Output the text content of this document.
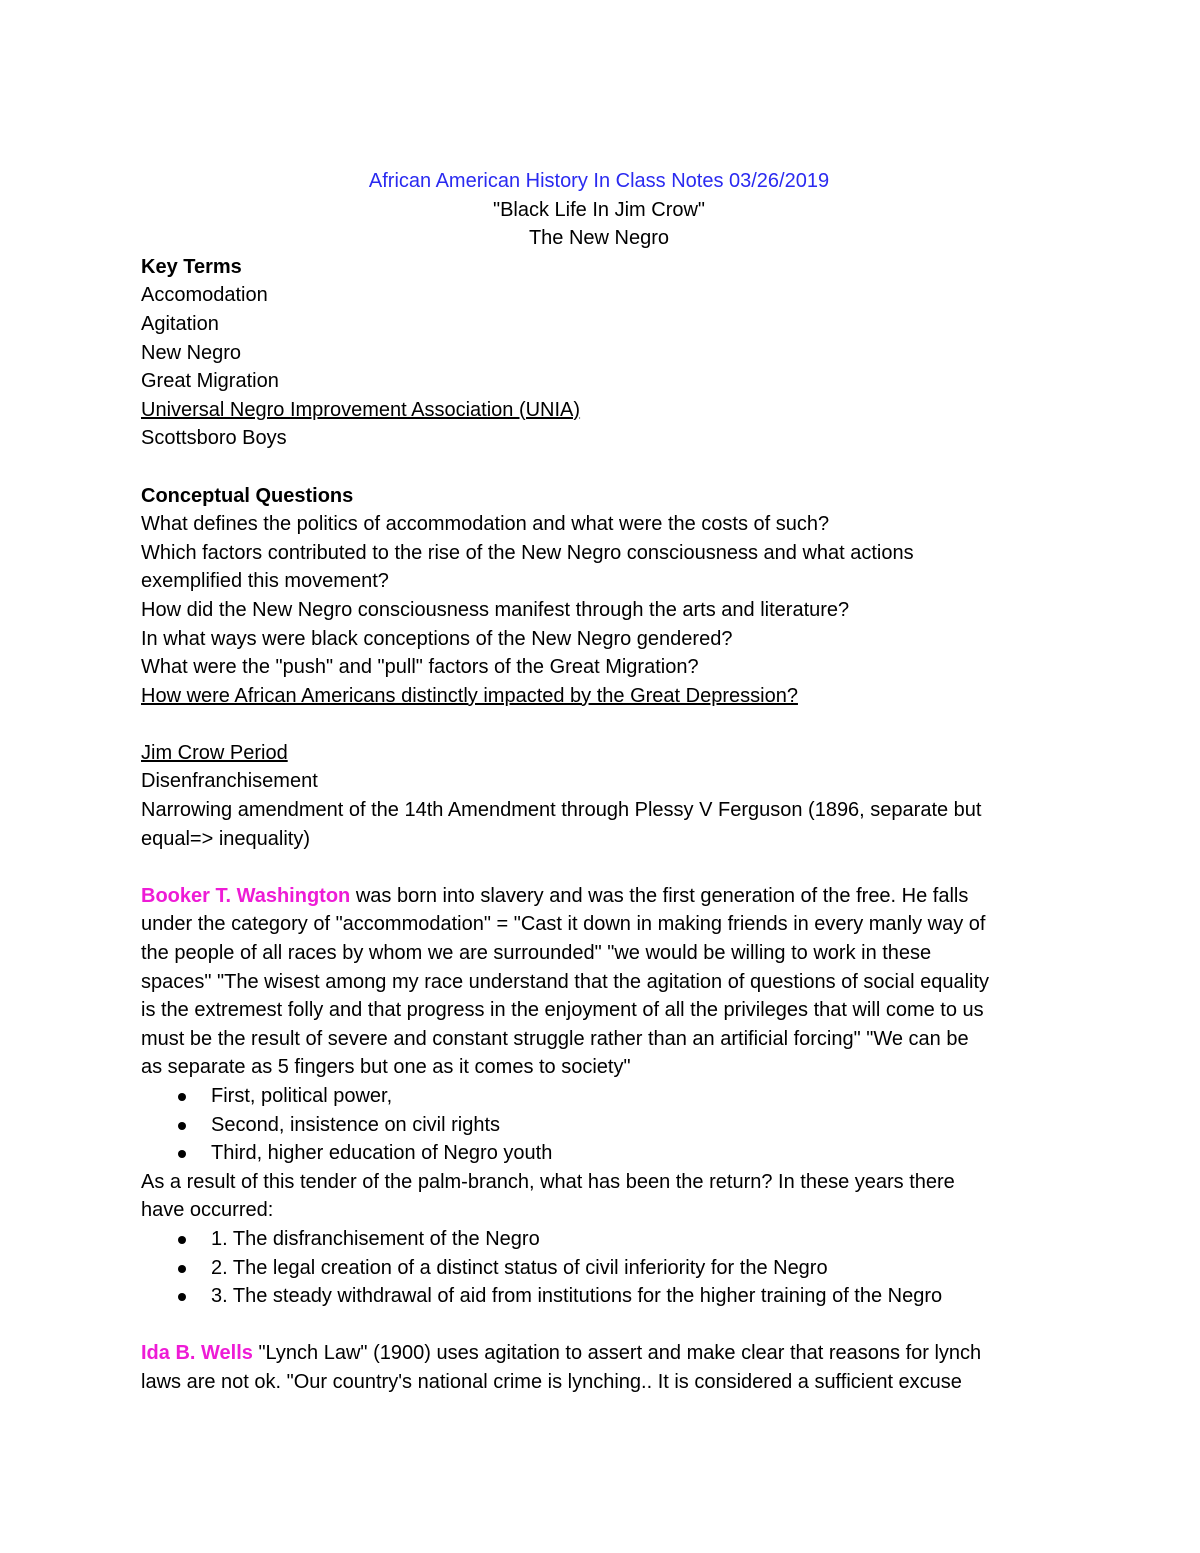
African American History In Class Notes 03/26/2019
"Black Life In Jim Crow"
The New Negro
Key Terms
Accomodation
Agitation
New Negro
Great Migration
Universal Negro Improvement Association (UNIA)
Scottsboro Boys
Conceptual Questions
What defines the politics of accommodation and what were the costs of such?
Which factors contributed to the rise of the New Negro consciousness and what actions
exemplified this movement?
How did the New Negro consciousness manifest through the arts and literature?
In what ways were black conceptions of the New Negro gendered?
What were the "push" and "pull" factors of the Great Migration?
How were African Americans distinctly impacted by the Great Depression?
Jim Crow Period
Disenfranchisement
Narrowing amendment of the 14th Amendment through Plessy V Ferguson (1896, separate but
equal=> inequality)
Booker T. Washington was born into slavery and was the first generation of the free. He falls
under the category of "accommodation" = "Cast it down in making friends in every manly way of
the people of all races by whom we are surrounded" "we would be willing to work in these
spaces" "The wisest among my race understand that the agitation of questions of social equality
is the extremest folly and that progress in the enjoyment of all the privileges that will come to us
must be the result of severe and constant struggle rather than an artificial forcing" "We can be
as separate as 5 fingers but one as it comes to society"
First, political power,
Second, insistence on civil rights
Third, higher education of Negro youth
As a result of this tender of the palm-branch, what has been the return? In these years there
have occurred:
1. The disfranchisement of the Negro
2. The legal creation of a distinct status of civil inferiority for the Negro
3. The steady withdrawal of aid from institutions for the higher training of the Negro
Ida B. Wells "Lynch Law" (1900) uses agitation to assert and make clear that reasons for lynch
laws are not ok. "Our country's national crime is lynching.. It is considered a sufficient excuse
